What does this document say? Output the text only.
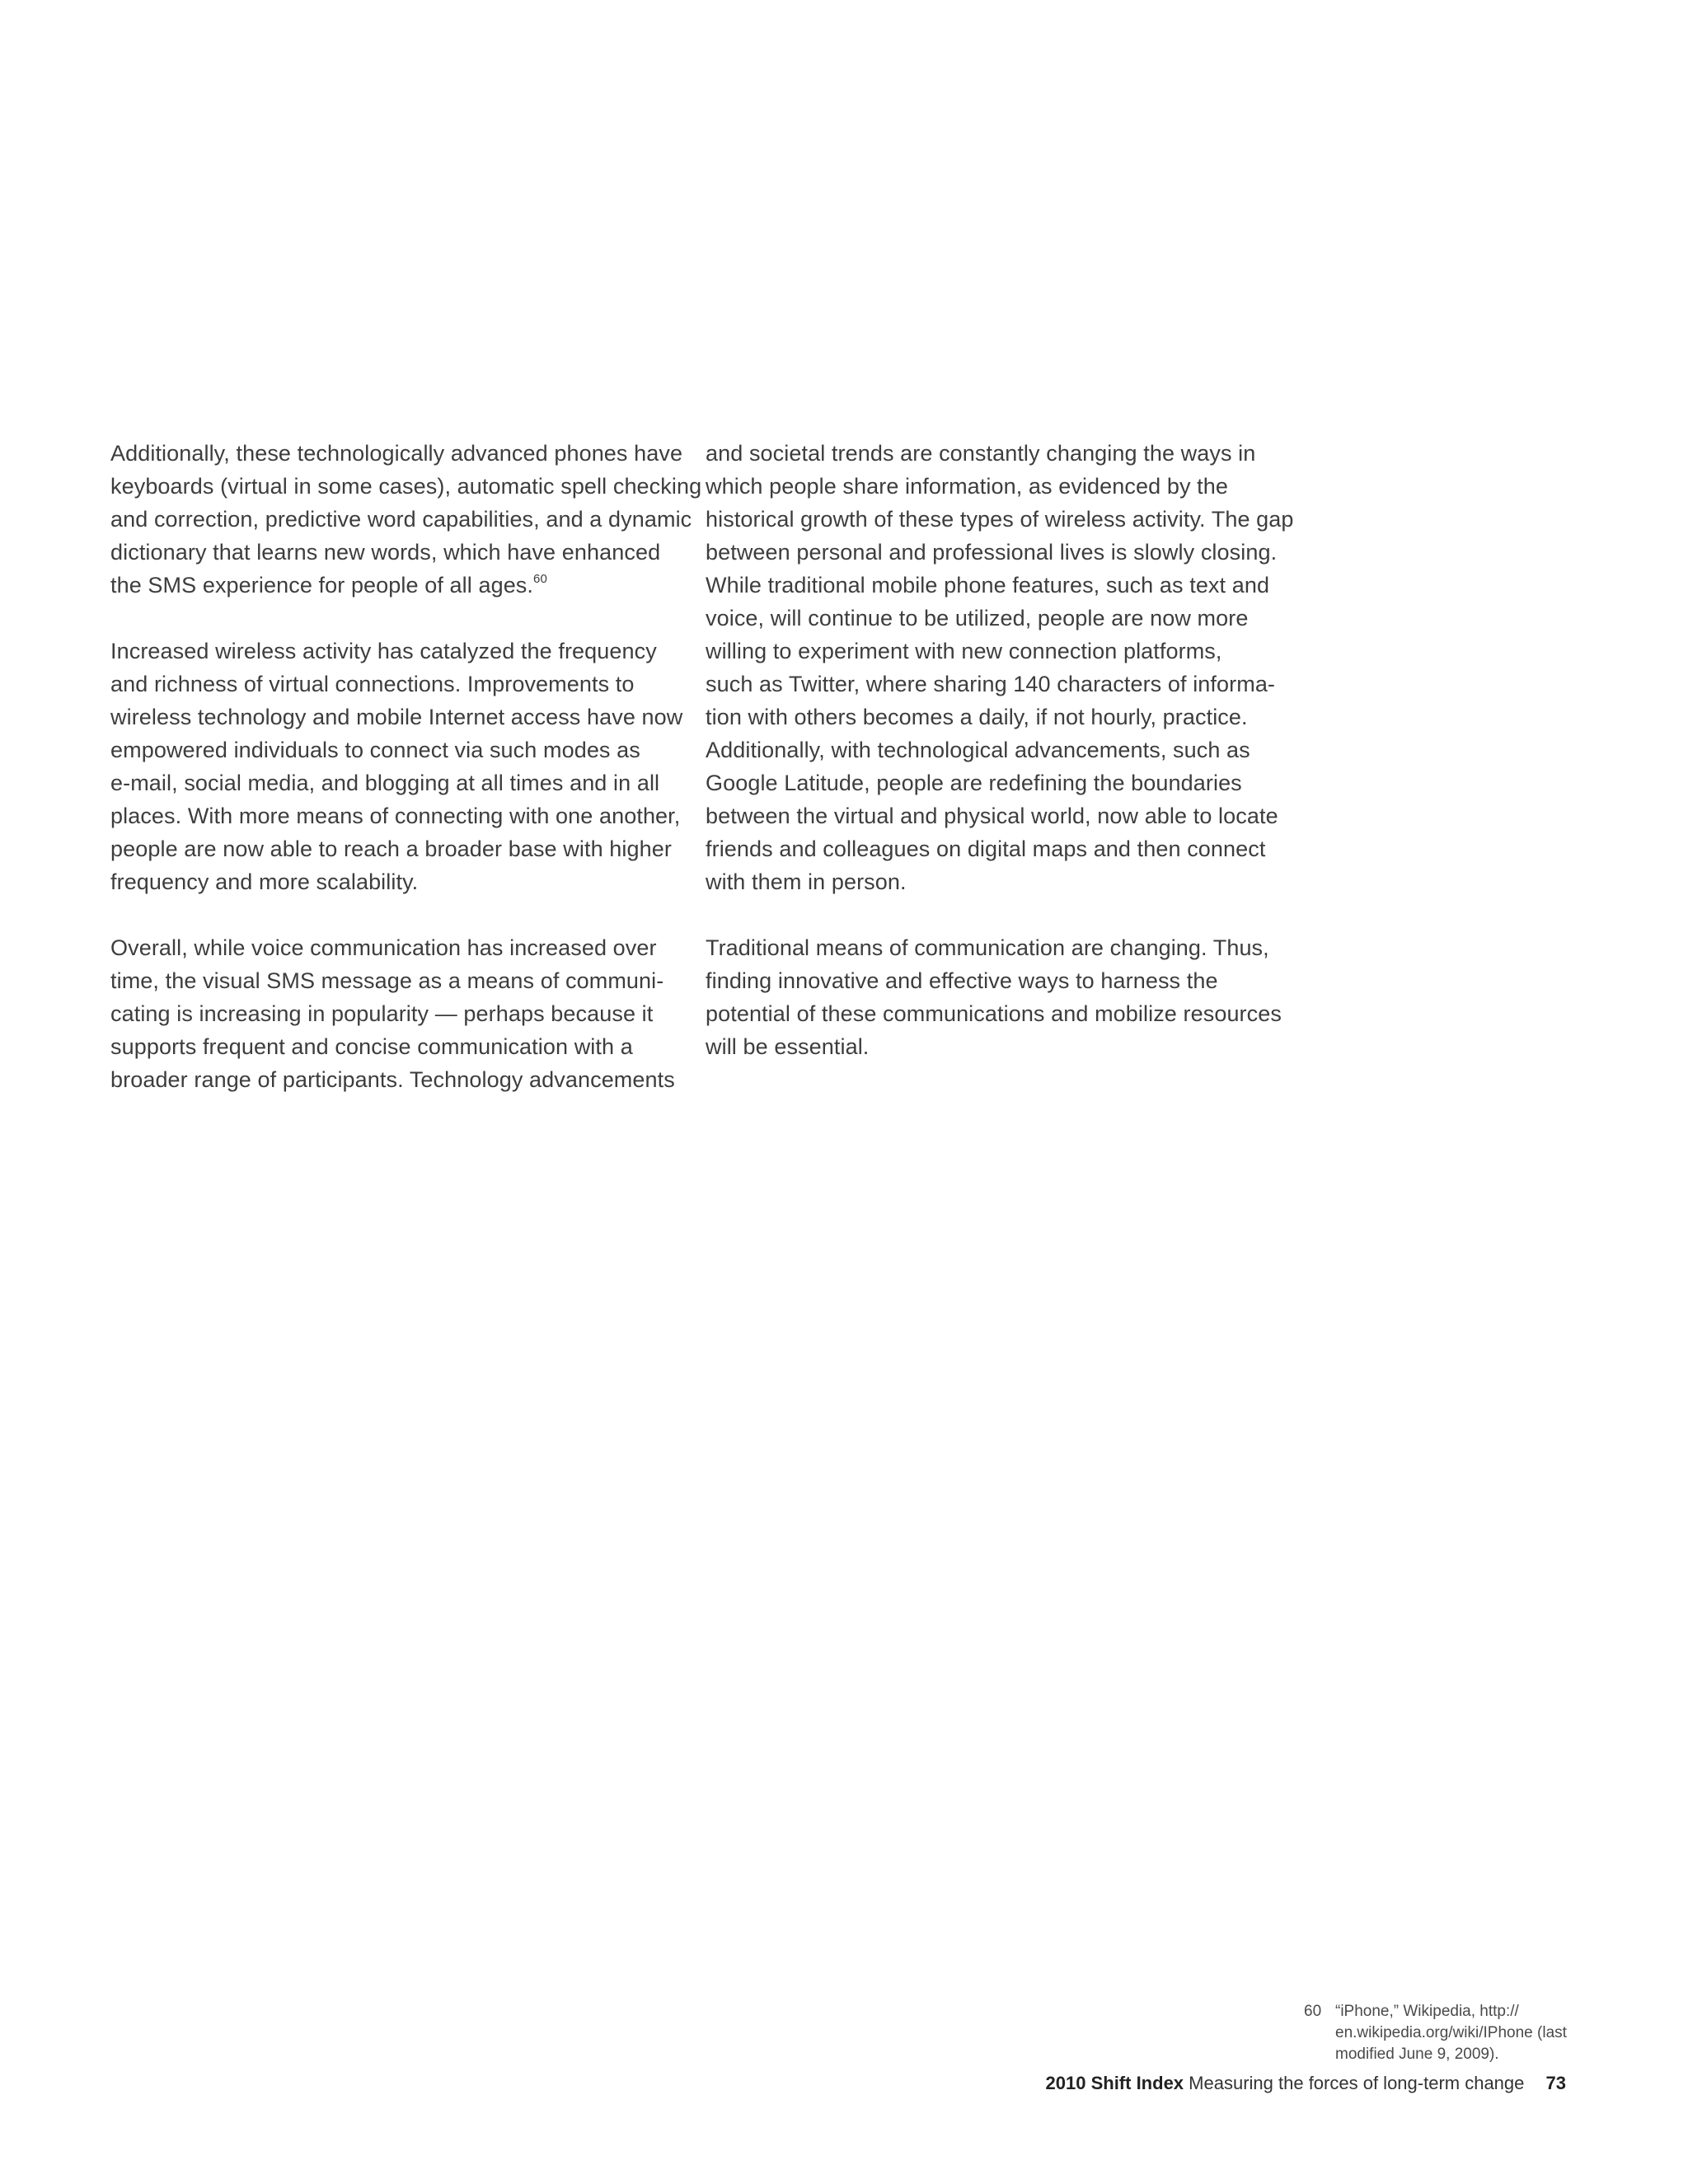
Additionally, these technologically advanced phones have
keyboards (virtual in some cases), automatic spell checking
and correction, predictive word capabilities, and a dynamic
dictionary that learns new words, which have enhanced
the SMS experience for people of all ages.$^{60}$

Increased wireless activity has catalyzed the frequency
and richness of virtual connections. Improvements to
wireless technology and mobile Internet access have now
empowered individuals to connect via such modes as
e-mail, social media, and blogging at all times and in all
places. With more means of connecting with one another,
people are now able to reach a broader base with higher
frequency and more scalability.

Overall, while voice communication has increased over
time, the visual SMS message as a means of communi-
cating is increasing in popularity — perhaps because it
supports frequent and concise communication with a
broader range of participants. Technology advancements

and societal trends are constantly changing the ways in
which people share information, as evidenced by the
historical growth of these types of wireless activity. The gap
between personal and professional lives is slowly closing.
While traditional mobile phone features, such as text and
voice, will continue to be utilized, people are now more
willing to experiment with new connection platforms,
such as Twitter, where sharing 140 characters of informa-
tion with others becomes a daily, if not hourly, practice.
Additionally, with technological advancements, such as
Google Latitude, people are redefining the boundaries
between the virtual and physical world, now able to locate
friends and colleagues on digital maps and then connect
with them in person.

Traditional means of communication are changing. Thus,
finding innovative and effective ways to harness the
potential of these communications and mobilize resources
will be essential.

60 “iPhone,” Wikipedia, http://
en.wikipedia.org/wiki/IPhone (last
modified June 9, 2009).
2010 Shift Index Measuring the forces of long-term change 73
